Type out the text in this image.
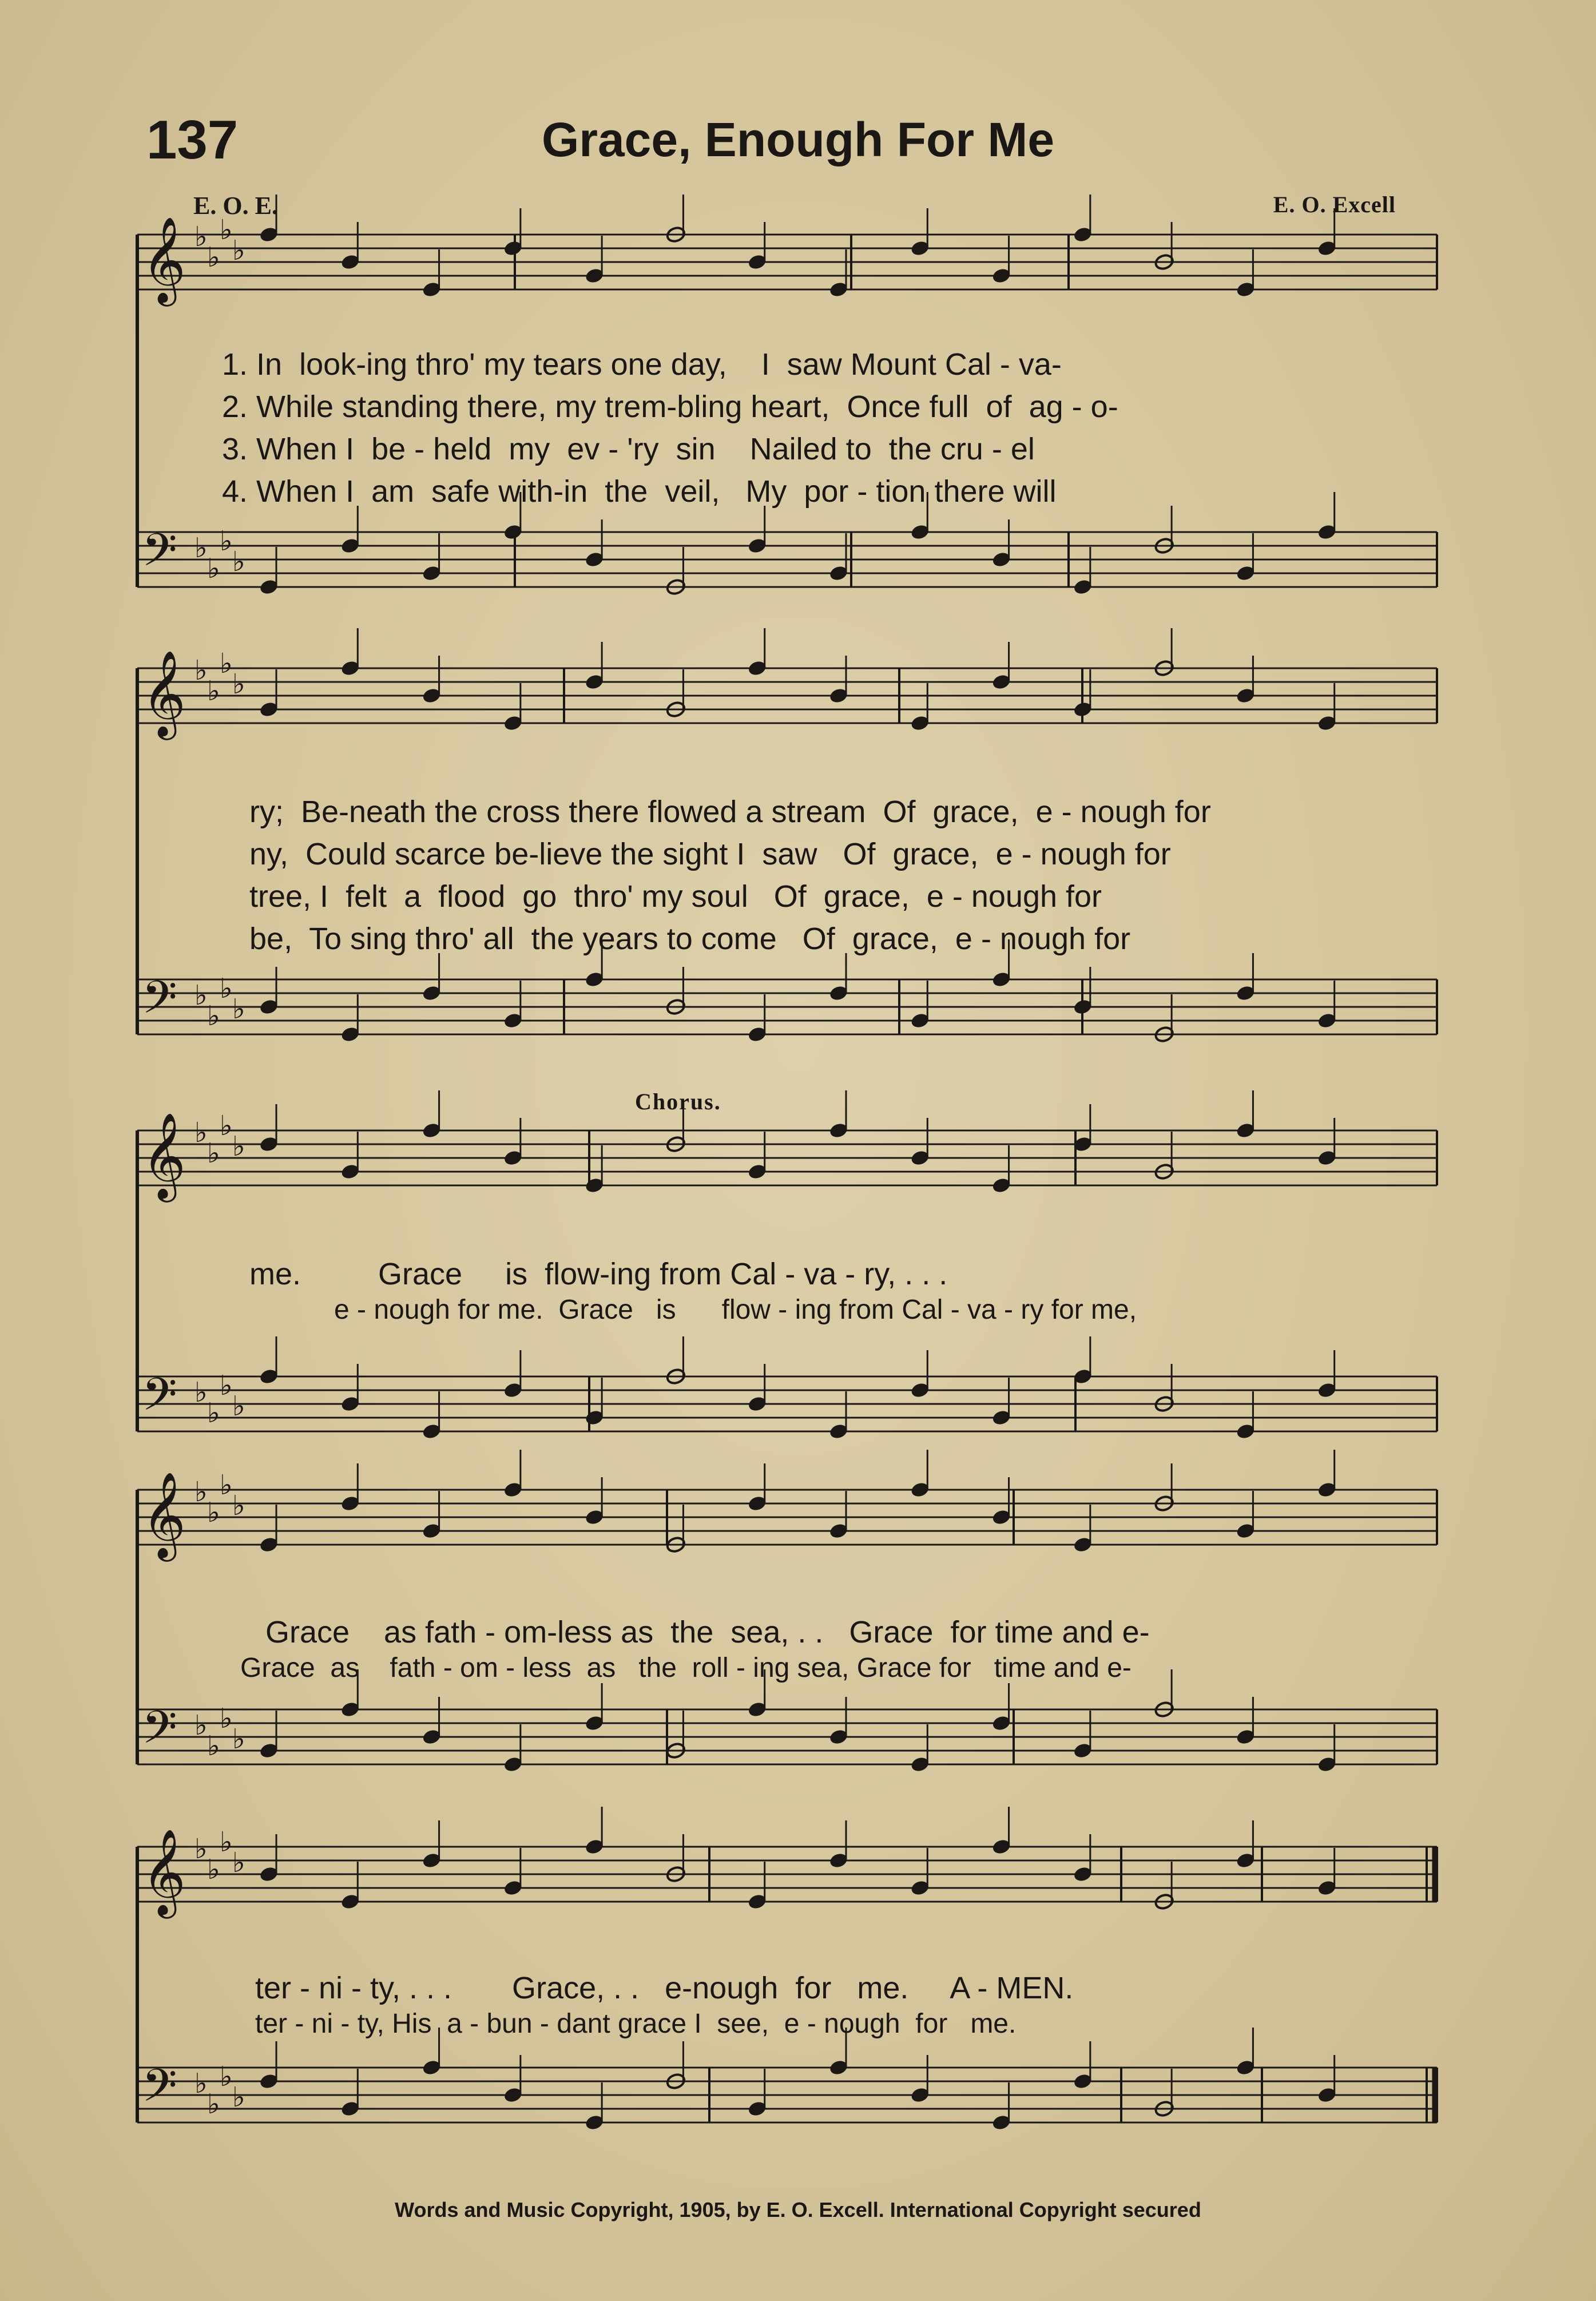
137	Grace, Enough For Me
E. O. E.	E. O. Excell
𝄞 ♭
♭
♭
♭
𝄢 ♭
♭
♭
♭
𝄞 ♭
♭
♭
♭
𝄢 ♭
♭
♭
♭
𝄞 ♭
♭
♭
♭
𝄢 ♭
♭
♭
♭
𝄞 ♭
♭
♭
♭
𝄢 ♭
♭
♭
♭
𝄞 ♭
♭
♭
♭
𝄢 ♭
♭
♭
♭
1. In  look-ing thro' my tears one day,    I  saw Mount Cal - va-
2. While standing there, my trem-bling heart,  Once full  of  ag - o-
3. When I  be - held  my  ev - 'ry  sin    Nailed to  the cru - el
4. When I  am  safe with-in  the  veil,   My  por - tion there will
ry;  Be-neath the cross there flowed a stream  Of  grace,  e - nough for
ny,  Could scarce be-lieve the sight I  saw   Of  grace,  e - nough for
tree, I  felt  a  flood  go  thro' my soul   Of  grace,  e - nough for
be,  To sing thro' all  the years to come   Of  grace,  e - nough for
Chorus.
me.         Grace     is  flow-ing from Cal - va - ry, . . .
e - nough for me.  Grace   is      flow - ing from Cal - va - ry for me,
Grace    as fath - om-less as  the  sea, . .   Grace  for time and e-
Grace  as    fath - om - less  as   the  roll - ing sea, Grace for   time and e-
ter - ni - ty, . . .       Grace, . .   e-nough  for   me.     A - MEN.
ter - ni - ty, His  a - bun - dant grace I  see,  e - nough  for   me.
Words and Music Copyright, 1905, by E. O. Excell. International Copyright secured
